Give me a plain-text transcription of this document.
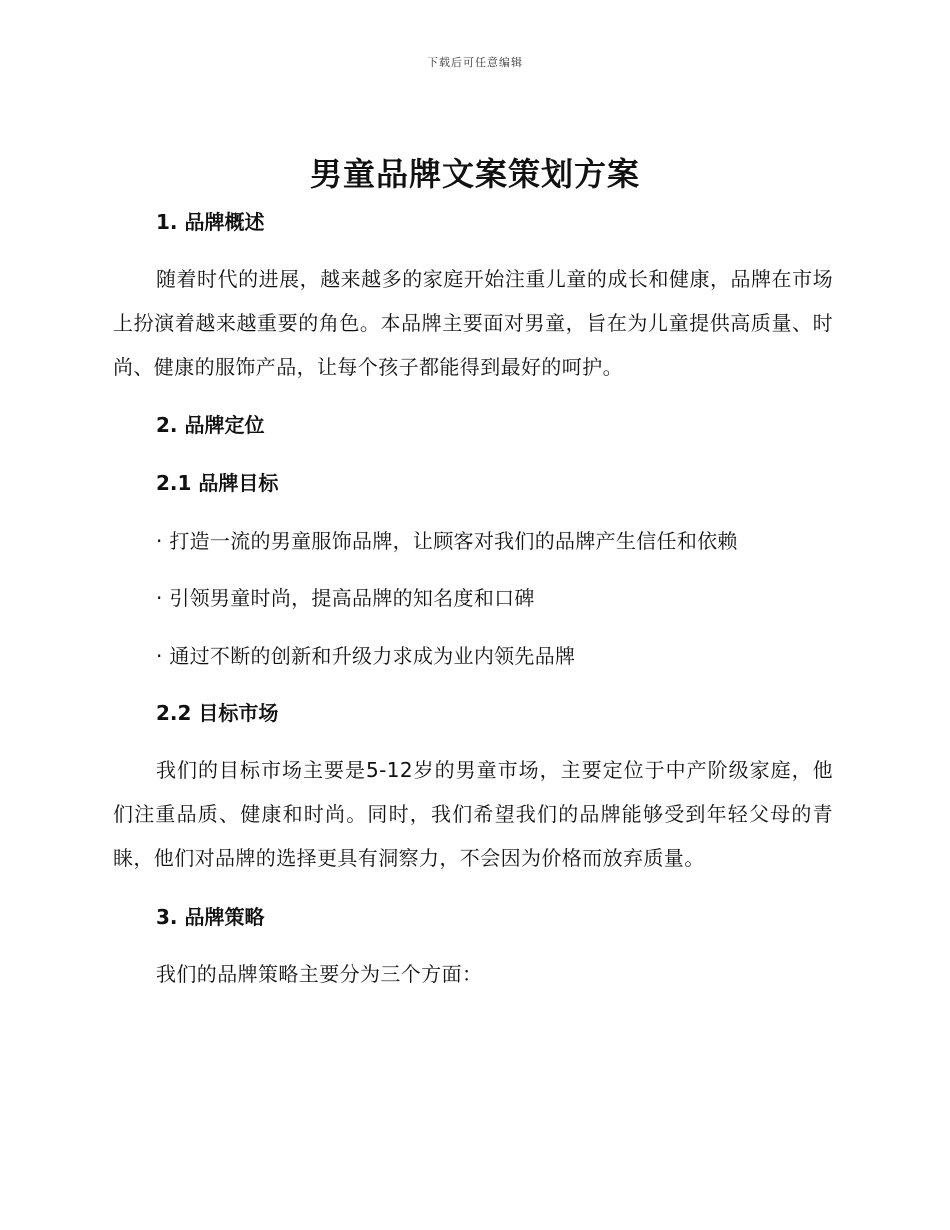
下载后可任意编辑
男童品牌文案策划方案
1. 品牌概述
随着时代的进展，越来越多的家庭开始注重儿童的成长和健康，品牌在市场上扮演着越来越重要的角色。本品牌主要面对男童，旨在为儿童提供高质量、时尚、健康的服饰产品，让每个孩子都能得到最好的呵护。
2. 品牌定位
2.1 品牌目标
· 打造一流的男童服饰品牌，让顾客对我们的品牌产生信任和依赖
· 引领男童时尚，提高品牌的知名度和口碑
· 通过不断的创新和升级力求成为业内领先品牌
2.2 目标市场
我们的目标市场主要是5-12岁的男童市场，主要定位于中产阶级家庭，他们注重品质、健康和时尚。同时，我们希望我们的品牌能够受到年轻父母的青睐，他们对品牌的选择更具有洞察力，不会因为价格而放弃质量。
3. 品牌策略
我们的品牌策略主要分为三个方面：
